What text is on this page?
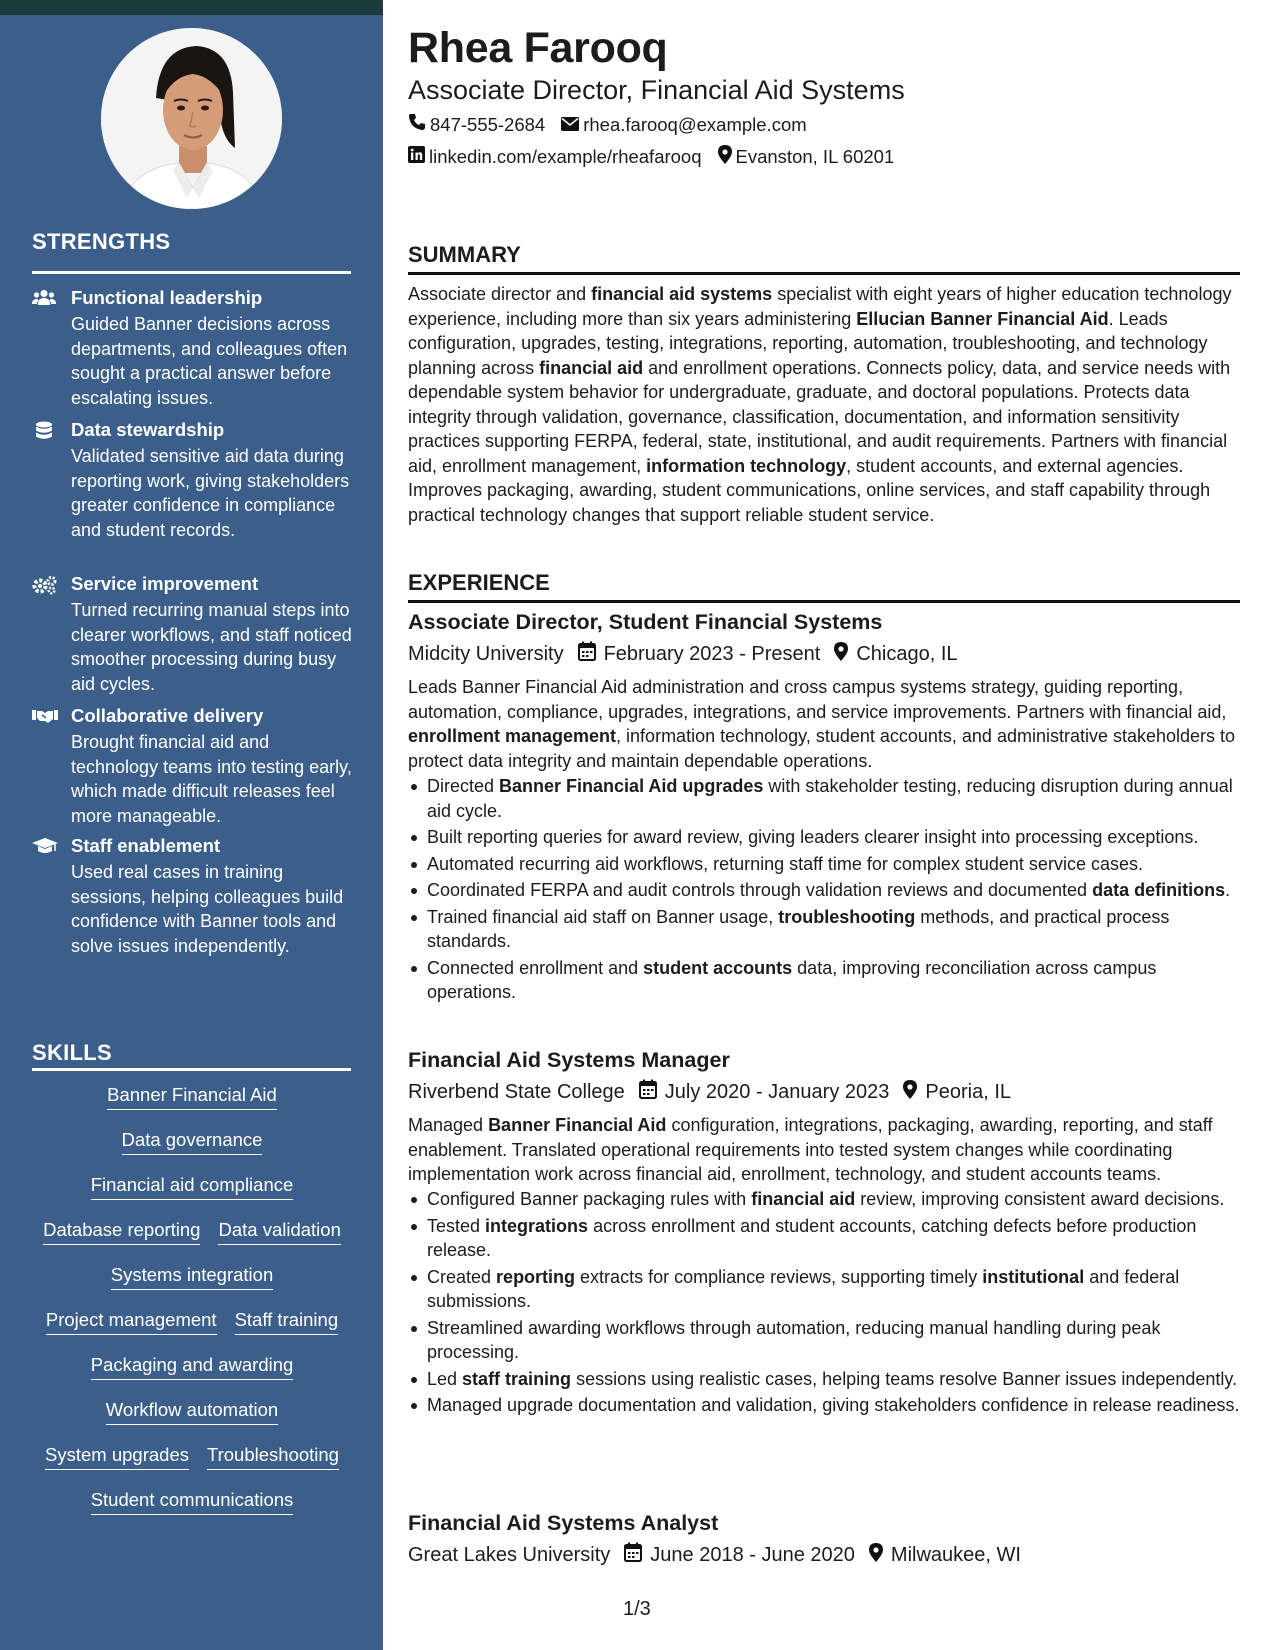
STRENGTHS
Functional leadership
Guided Banner decisions across departments, and colleagues often sought a practical answer before escalating issues.
Data stewardship
Validated sensitive aid data during reporting work, giving stakeholders greater confidence in compliance and student records.
Service improvement
Turned recurring manual steps into clearer workflows, and staff noticed smoother processing during busy aid cycles.
Collaborative delivery
Brought financial aid and technology teams into testing early, which made difficult releases feel more manageable.
Staff enablement
Used real cases in training sessions, helping colleagues build confidence with Banner tools and solve issues independently.
SKILLS
Banner Financial Aid
Data governance
Financial aid compliance
Database reporting Data validation
Systems integration
Project management Staff training
Packaging and awarding
Workflow automation
System upgrades Troubleshooting
Student communications
Rhea Farooq
Associate Director, Financial Aid Systems
847-555-2684 rhea.farooq@example.com
linkedin.com/example/rheafarooq Evanston, IL 60201
SUMMARY
Associate director and financial aid systems specialist with eight years of higher education technology experience, including more than six years administering Ellucian Banner Financial Aid. Leads configuration, upgrades, testing, integrations, reporting, automation, troubleshooting, and technology planning across financial aid and enrollment operations. Connects policy, data, and service needs with dependable system behavior for undergraduate, graduate, and doctoral populations. Protects data integrity through validation, governance, classification, documentation, and information sensitivity practices supporting FERPA, federal, state, institutional, and audit requirements. Partners with financial aid, enrollment management, information technology, student accounts, and external agencies. Improves packaging, awarding, student communications, online services, and staff capability through practical technology changes that support reliable student service.
EXPERIENCE
Associate Director, Student Financial Systems
Midcity University February 2023 - Present Chicago, IL
Leads Banner Financial Aid administration and cross campus systems strategy, guiding reporting, automation, compliance, upgrades, integrations, and service improvements. Partners with financial aid, enrollment management, information technology, student accounts, and administrative stakeholders to protect data integrity and maintain dependable operations.
Directed Banner Financial Aid upgrades with stakeholder testing, reducing disruption during annual aid cycle.
Built reporting queries for award review, giving leaders clearer insight into processing exceptions.
Automated recurring aid workflows, returning staff time for complex student service cases.
Coordinated FERPA and audit controls through validation reviews and documented data definitions.
Trained financial aid staff on Banner usage, troubleshooting methods, and practical process standards.
Connected enrollment and student accounts data, improving reconciliation across campus operations.
Financial Aid Systems Manager
Riverbend State College July 2020 - January 2023 Peoria, IL
Managed Banner Financial Aid configuration, integrations, packaging, awarding, reporting, and staff enablement. Translated operational requirements into tested system changes while coordinating implementation work across financial aid, enrollment, technology, and student accounts teams.
Configured Banner packaging rules with financial aid review, improving consistent award decisions.
Tested integrations across enrollment and student accounts, catching defects before production release.
Created reporting extracts for compliance reviews, supporting timely institutional and federal submissions.
Streamlined awarding workflows through automation, reducing manual handling during peak processing.
Led staff training sessions using realistic cases, helping teams resolve Banner issues independently.
Managed upgrade documentation and validation, giving stakeholders confidence in release readiness.
Financial Aid Systems Analyst
Great Lakes University June 2018 - June 2020 Milwaukee, WI
1/3
